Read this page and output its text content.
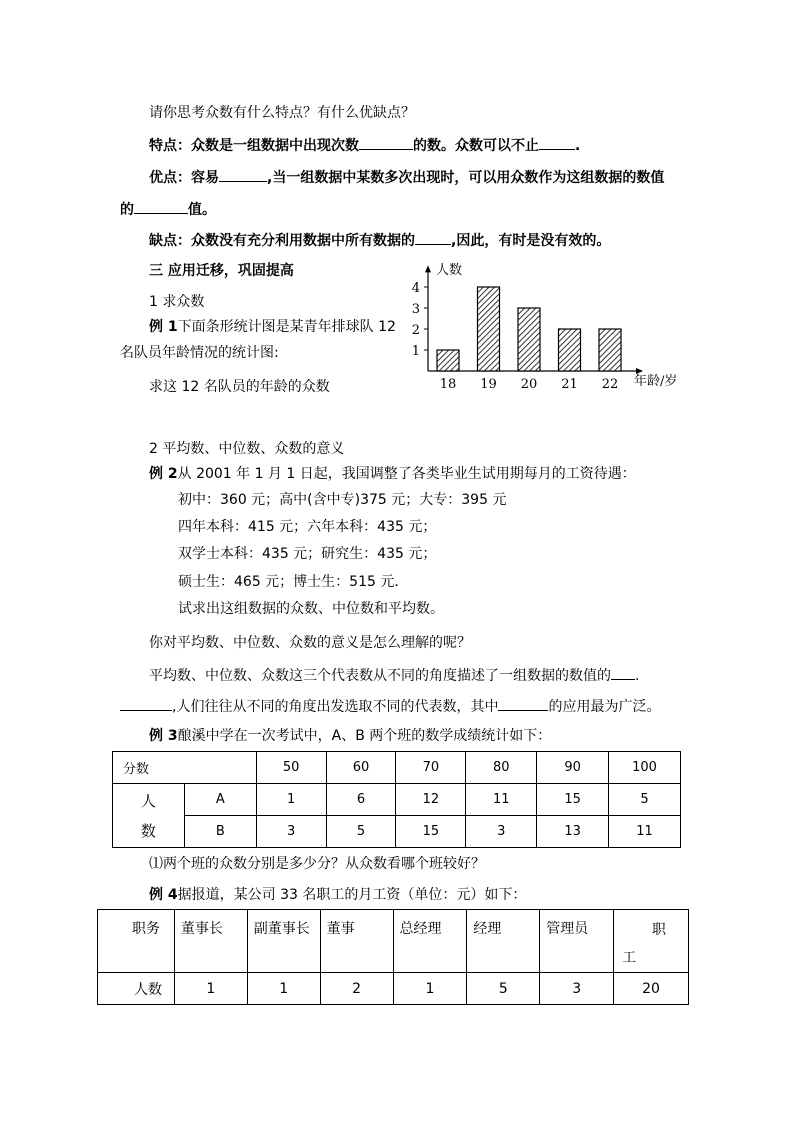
请你思考众数有什么特点？有什么优缺点？
特点：众数是一组数据中出现次数	的数。众数可以不止	.
优点：容易	,当一组数据中某数多次出现时，可以用众数作为这组数据的数值
的	值。
缺点：众数没有充分利用数据中所有数据的	,因此，有时是没有效的。
三 应用迁移，巩固提高
1 求众数
例 1下面条形统计图是某青年排球队 12
名队员年龄情况的统计图:
求这 12 名队员的年龄的众数
1
2
3
4
人数
18 19 20 21 22 年龄/岁
2 平均数、中位数、众数的意义
例 2从 2001 年 1 月 1 日起，我国调整了各类毕业生试用期每月的工资待遇：
初中：360 元；高中(含中专)375 元；大专：395 元
四年本科：415 元；六年本科：435 元；
双学士本科：435 元；研究生：435 元；
硕士生：465 元；博士生：515 元．
试求出这组数据的众数、中位数和平均数。
你对平均数、中位数、众数的意义是怎么理解的呢？
平均数、中位数、众数这三个代表数从不同的角度描述了一组数据的数值的 .
,人们往往从不同的角度出发选取不同的代表数，其中	的应用最为广泛。
例 3酿溪中学在一次考试中，A、B 两个班的数学成绩统计如下：
分数		50	60	70	80	90	100
人
数	A	1	6	12	11	15	5
	B	3	5	15	3	13	11
⑴两个班的众数分别是多少分？从众数看哪个班较好？
例 4据报道，某公司 33 名职工的月工资（单位：元）如下：
职务	董事长	副董事长	董事	总经理	经理	管理员	职
工

人数	1	1	2	1	5	3	20
